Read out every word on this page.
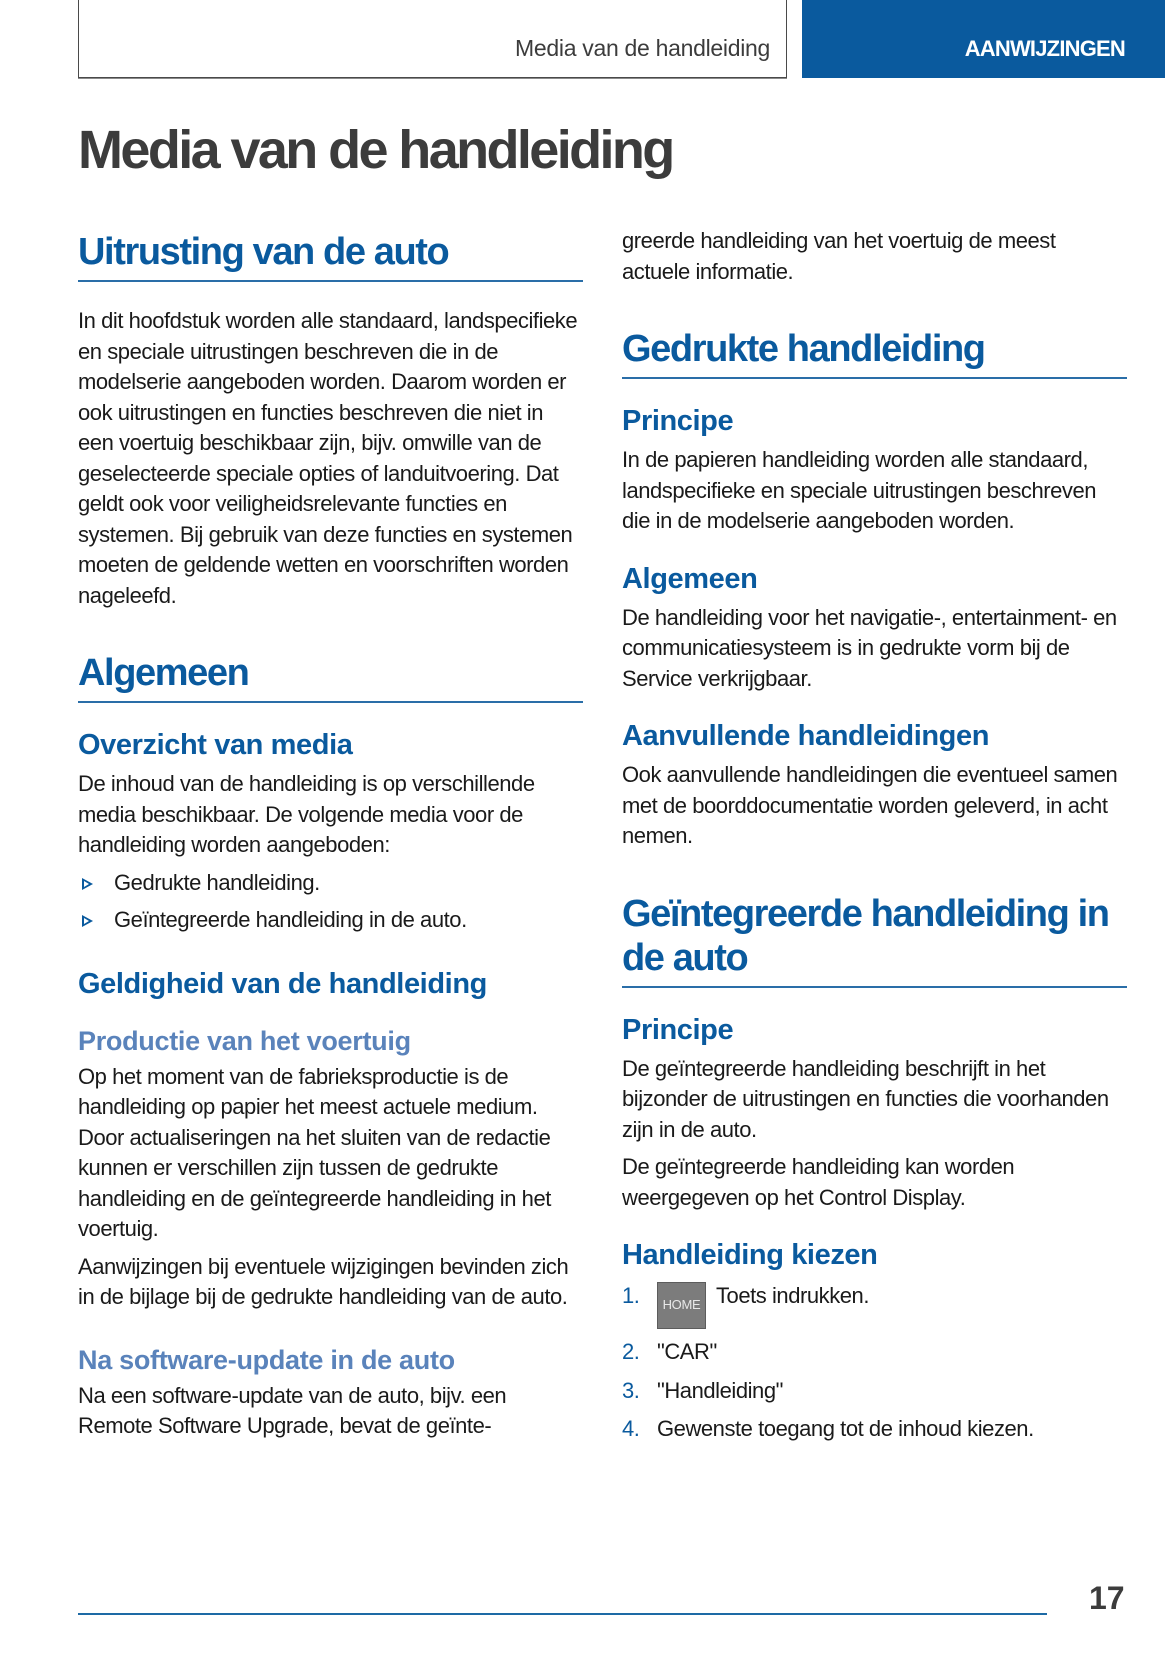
Media van de handleiding	AANWIJZINGEN
Media van de handleiding
Uitrusting van de auto

In dit hoofdstuk worden alle standaard, landspecifieke en speciale uitrustingen beschreven die in de modelserie aangeboden worden. Daarom worden er ook uitrustingen en functies beschreven die niet in een voertuig beschikbaar zijn, bijv. omwille van de geselecteerde speciale opties of landuitvoering. Dat geldt ook voor veiligheidsrelevante functies en systemen. Bij gebruik van deze functies en systemen moeten de geldende wetten en voorschriften worden nageleefd.

Algemeen
Overzicht van media

De inhoud van de handleiding is op verschillende media beschikbaar. De volgende media voor de handleiding worden aangeboden:

Gedrukte handleiding.
Geïntegreerde handleiding in de auto.
Geldigheid van de handleiding
Productie van het voertuig

Op het moment van de fabrieksproductie is de handleiding op papier het meest actuele medium. Door actualiseringen na het sluiten van de redactie kunnen er verschillen zijn tussen de gedrukte handleiding en de geïntegreerde handleiding in het voertuig.

Aanwijzingen bij eventuele wijzigingen bevinden zich in de bijlage bij de gedrukte handleiding van de auto.

Na software-update in de auto

Na een software-update van de auto, bijv. een Remote Software Upgrade, bevat de geïnte-

greerde handleiding van het voertuig de meest actuele informatie.

Gedrukte handleiding
Principe

In de papieren handleiding worden alle standaard, landspecifieke en speciale uitrustingen beschreven die in de modelserie aangeboden worden.

Algemeen

De handleiding voor het navigatie-, entertainment- en communicatiesysteem is in gedrukte vorm bij de Service verkrijgbaar.

Aanvullende handleidingen

Ook aanvullende handleidingen die eventueel samen met de boorddocumentatie worden geleverd, in acht nemen.

Geïntegreerde handleiding in de auto
Principe

De geïntegreerde handleiding beschrijft in het bijzonder de uitrustingen en functies die voorhanden zijn in de auto.

De geïntegreerde handleiding kan worden weergegeven op het Control Display.

Handleiding kiezen
1. HOME Toets indrukken.
2. "CAR"
3. "Handleiding"
4. Gewenste toegang tot de inhoud kiezen.
17
